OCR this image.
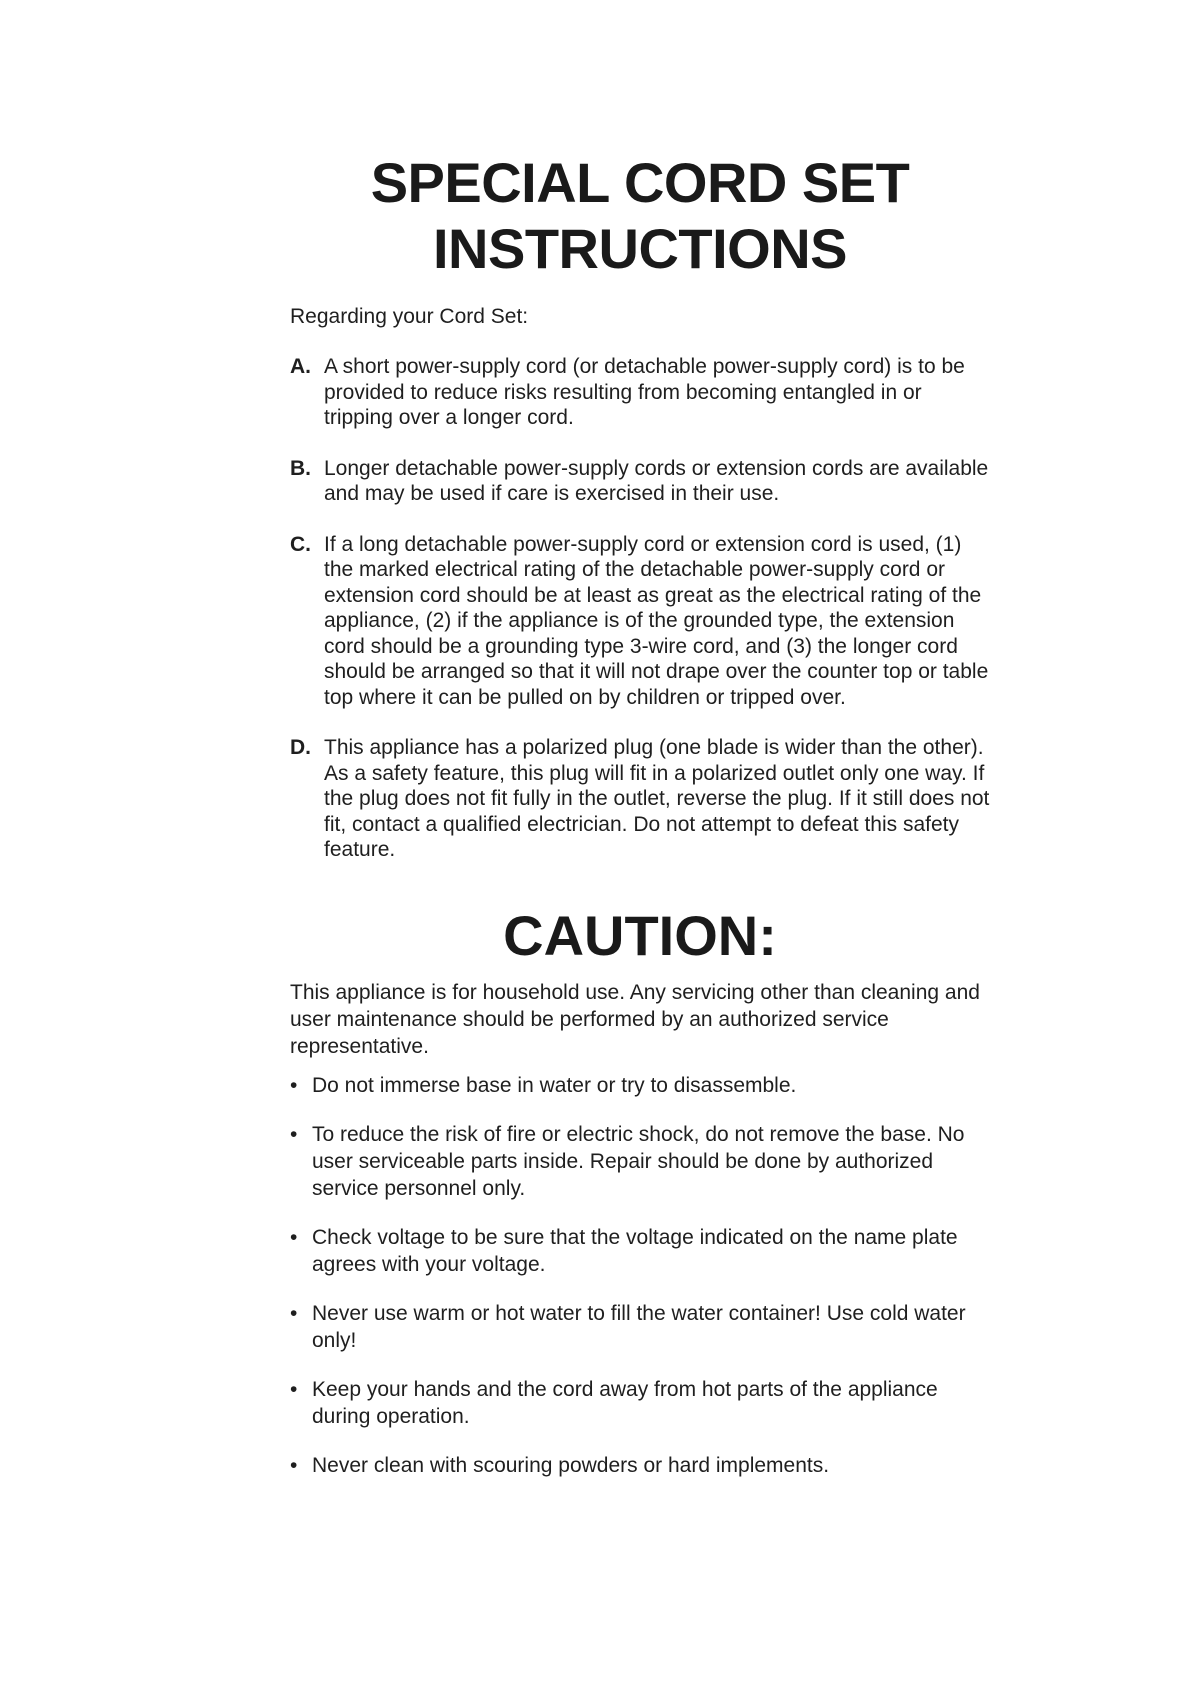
SPECIAL CORD SET
INSTRUCTIONS

Regarding your Cord Set:

A. A short power-supply cord (or detachable power-supply cord) is to be provided to reduce risks resulting from becoming entangled in or tripping over a longer cord.
B. Longer detachable power-supply cords or extension cords are available and may be used if care is exercised in their use.
C. If a long detachable power-supply cord or extension cord is used, (1) the marked electrical rating of the detachable power-supply cord or extension cord should be at least as great as the electrical rating of the appliance, (2) if the appliance is of the grounded type, the extension cord should be a grounding type 3-wire cord, and (3) the longer cord should be arranged so that it will not drape over the counter top or table top where it can be pulled on by children or tripped over.
D. This appliance has a polarized plug (one blade is wider than the other). As a safety feature, this plug will fit in a polarized outlet only one way. If the plug does not fit fully in the outlet, reverse the plug. If it still does not fit, contact a qualified electrician. Do not attempt to defeat this safety feature.
CAUTION:

This appliance is for household use. Any servicing other than cleaning and user maintenance should be performed by an authorized service representative.

• Do not immerse base in water or try to disassemble.
• To reduce the risk of fire or electric shock, do not remove the base. No user serviceable parts inside. Repair should be done by authorized service personnel only.
• Check voltage to be sure that the voltage indicated on the name plate agrees with your voltage.
• Never use warm or hot water to fill the water container! Use cold water only!
• Keep your hands and the cord away from hot parts of the appliance during operation.
• Never clean with scouring powders or hard implements.
